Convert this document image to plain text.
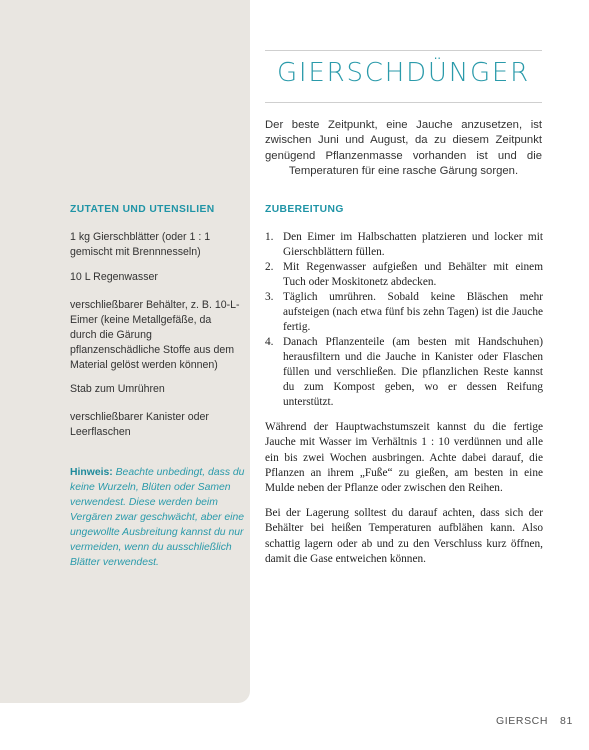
GIERSCHDÜNGER
Der beste Zeitpunkt, eine Jauche anzusetzen, ist zwischen Juni und August, da zu diesem Zeitpunkt genügend Pflanzenmasse vorhanden ist und die Temperaturen für eine rasche Gärung sorgen.
ZUTATEN UND UTENSILIEN	ZUBEREITUNG

1 kg Gierschblätter (oder 1 : 1 gemischt mit Brennnesseln)

10 L Regenwasser

verschließbarer Behälter, z. B. 10-L-Eimer (keine Metallgefäße, da durch die Gärung pflanzenschädliche Stoffe aus dem Material gelöst werden können)

Stab zum Umrühren

verschließbarer Kanister oder Leerflaschen

Hinweis: Beachte unbedingt, dass du keine Wurzeln, Blüten oder Samen verwendest. Diese werden beim Vergären zwar geschwächt, aber eine ungewollte Ausbreitung kannst du nur vermeiden, wenn du ausschließlich Blätter verwendest.
1. Den Eimer im Halbschatten platzieren und locker mit Gierschblättern füllen.
2. Mit Regenwasser aufgießen und Behälter mit einem Tuch oder Moskitonetz abdecken.
3. Täglich umrühren. Sobald keine Bläschen mehr aufsteigen (nach etwa fünf bis zehn Tagen) ist die Jauche fertig.
4. Danach Pflanzenteile (am besten mit Handschuhen) herausfiltern und die Jauche in Kanister oder Flaschen füllen und verschließen. Die pflanzlichen Reste kannst du zum Kompost geben, wo er dessen Reifung unterstützt.
Während der Hauptwachstumszeit kannst du die fertige Jauche mit Wasser im Verhältnis 1 : 10 verdünnen und alle ein bis zwei Wochen ausbringen. Achte dabei darauf, die Pflanzen an ihrem „Fuße“ zu gießen, am besten in eine Mulde neben der Pflanze oder zwischen den Reihen.
Bei der Lagerung solltest du darauf achten, dass sich der Behälter bei heißen Temperaturen aufblähen kann. Also schattig lagern oder ab und zu den Verschluss kurz öffnen, damit die Gase entweichen können.
GIERSCH 81
